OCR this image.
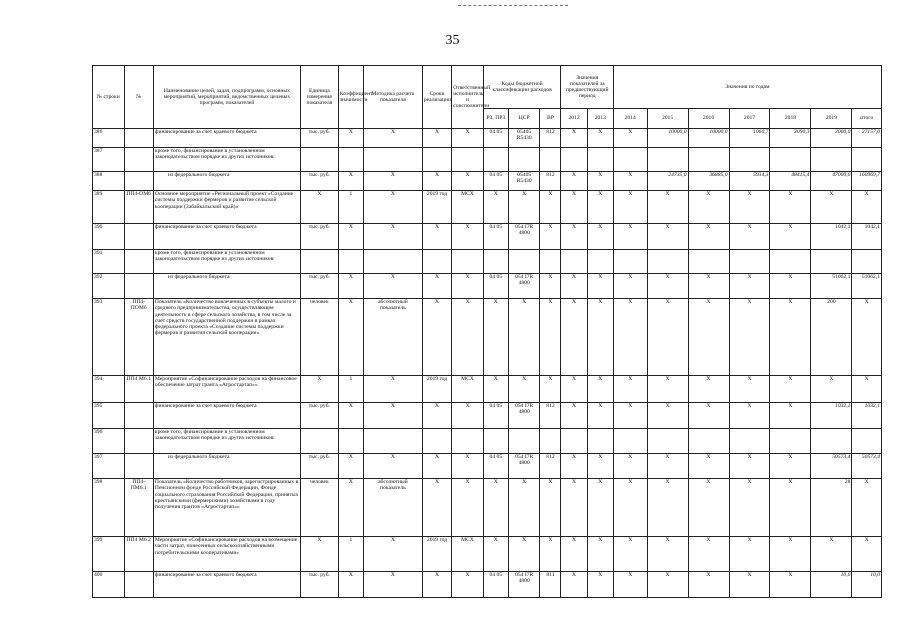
35
№ строки	№	Наименование целей, задач, подпрограмм, основных мероприятий, мероприятий, ведомственных целевых программ, показателей	Единица измерения показателя	Коэффициент значимости	Методика расчета показателя	Сроки реализации	Ответственный исполнитель и соисполнители	Коды бюджетной классификации расходов			Значения показателей за предшествующий период		Значения по годам						
								РЗ, ПР3	ЦСР	ВР	2012	2013	2014	2015	2016	2017	2018	2019	итого
386		финансирование за счет краевого бюджета	тыс. руб.	X	X	X	X	04 05	05405 R5430	812	X	X	X	10000,0	10000,0	1060,7	3090,3	3000,0	27157,0
387		кроме того, финансирование в установленном законодательством порядке из других источников:																	
388		из федерального бюджета	тыс. руб.	X	X	X	X	04 05	05405 R5430	812	X	X	X	24735,0	36885,0	5934,3	48415,4	47000,0	160969,7
389	ПП4-ОМ6	Основное мероприятие «Региональный проект «Создание системы поддержки фермеров и развитие сельской кооперации (Забайкальский край)»	X	1	X	2019 год	МСХ	X	X	X	X	X	X	X	X	X	X	X	X
390		финансирование за счет краевого бюджета	тыс. руб.	X	X	X	X	04 05	054 I7R 4800	X	X	X	X	X	X	X	X	1042,1	1042,1
391		кроме того, финансирование в установленном законодательством порядке из других источников:																	
392		из федерального бюджета	тыс. руб.	X	X	X	X	04 05	054 I7R 4800	X	X	X	X	X	X	X	X	51062,1	51062,1
393	ПП4-ПОМ6	Показатель «Количество вовлеченных в субъекты малого и среднего предпринимательства, осуществляющие деятельность в сфере сельского хозяйства, в том числе за счет средств государственной поддержки в рамках федерального проекта «Создание системы поддержки фермеров и развития сельской кооперации»	человек	X	абсолютный показатель	X	X	X	X	X	X	X	X	X	X	X	X	200	X
394	ПП4 М6.1	Мероприятие «Софинансирование расходов на финансовое обеспечение затрат гранта «Агростартап»»	X	1	X	2019 год	МСХ	X	X	X	X	X	X	X	X	X	X	X	X
395		финансирование за счет краевого бюджета	тыс. руб.	X	X	X	X	04 05	054 I7R 4800	812	X	X	X	X	X	X	X	1032,1	1032,1
396		кроме того, финансирование в установленном законодательством порядке из других источников:																	
397		из федерального бюджета	тыс. руб.	X	X	X	X	04 05	054 I7R 4800	812	X	X	X	X	X	X	X	50573,4	50573,4
398	ПП4-ПМ6.1	Показатель «Количество работников, зарегистрированных в Пенсионном фонде Российской Федерации, Фонде социального страхования Российской Федерации, принятых крестьянскими (фермерскими) хозяйствами в году получения грантов «Агростартап»»	человек	X	абсолютный показатель	X	X	X	X	X	X	X	X	X	X	X	X	28	X
399	ПП4 М6.2	Мероприятие «Софинансирование расходов на возмещение части затрат, понесенных сельскохозяйственными потребительскими кооперативами»	X	1	X	2019 год	МСХ	X	X	X	X	X	X	X	X	X	X	X	X
400		финансирование за счет краевого бюджета	тыс. руб.	X	X	X	X	04 05	054 I7R 4800	811	X	X	X	X	X	X	X	10,0	10,0
